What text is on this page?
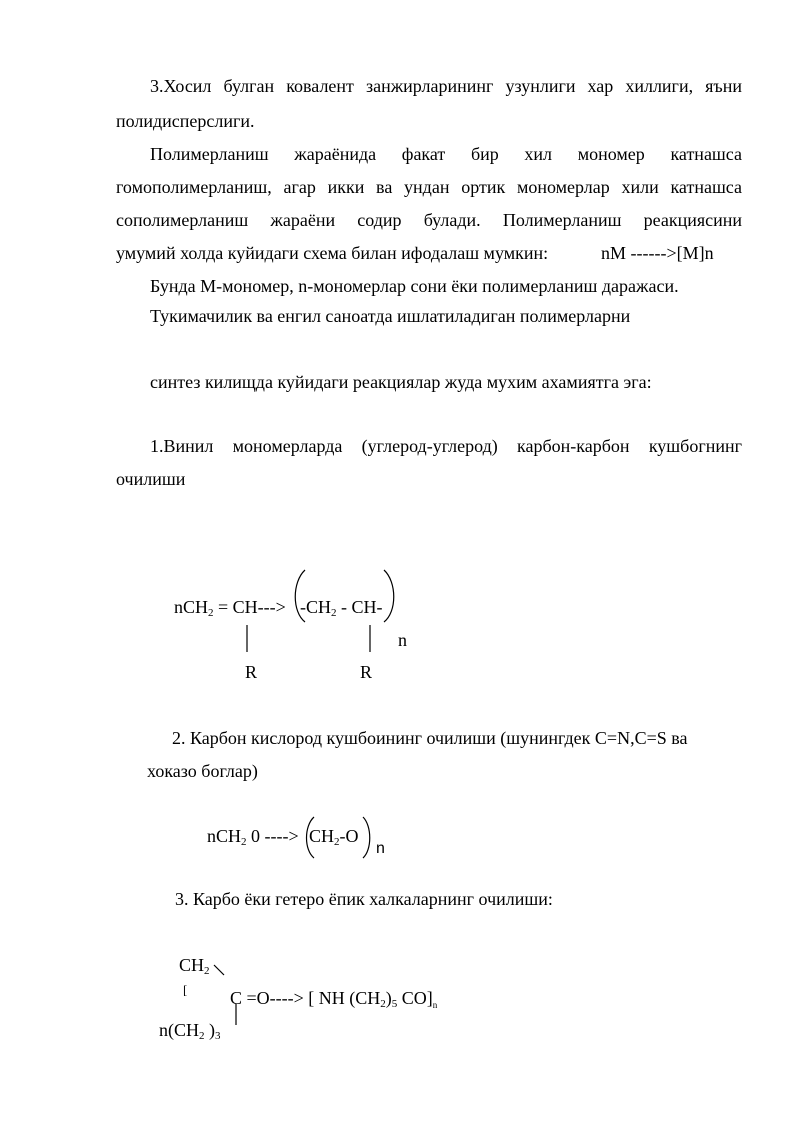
3.Хосил булган ковалент занжирларининг узунлиги хар хиллиги, яъни
полидисперслиги.
Полимерланиш жараёнида факат бир хил мономер катнашса
гомополимерланиш, агар икки ва ундан ортик мономерлар хили катнашса
сополимерланиш жараёни содир булади. Полимерланиш реакциясини
умумий холда куйидаги схема билан ифодалаш мумкин:	nM ------>[M]n
Бунда М-мономер, n-мономерлар сони ёки полимерланиш даражаси.
Тукимачилик ва енгил саноатда ишлатиладиган полимерларни
синтез килищда куйидаги реакциялар жуда мухим ахамиятга эга:
1.Винил мономерларда (углерод-углерод) карбон-карбон кушбогнинг
очилиши
$nCH_2 = CH---> -CH_2 - CH-$
n
R	R
2. Карбон кислород кушбоининг очилиши (шунингдек C=N,C=S ва
хоказо боглар)
nCH$_2$ 0 ----> $CH_2-O$
n
3. Карбо ёки гетеро ёпик халкаларнинг очилиши:
$CH_2$
[ C =O----> [ NH $(CH_2)_5$ $CO]_n$
$n(CH_2$ )$_3$
